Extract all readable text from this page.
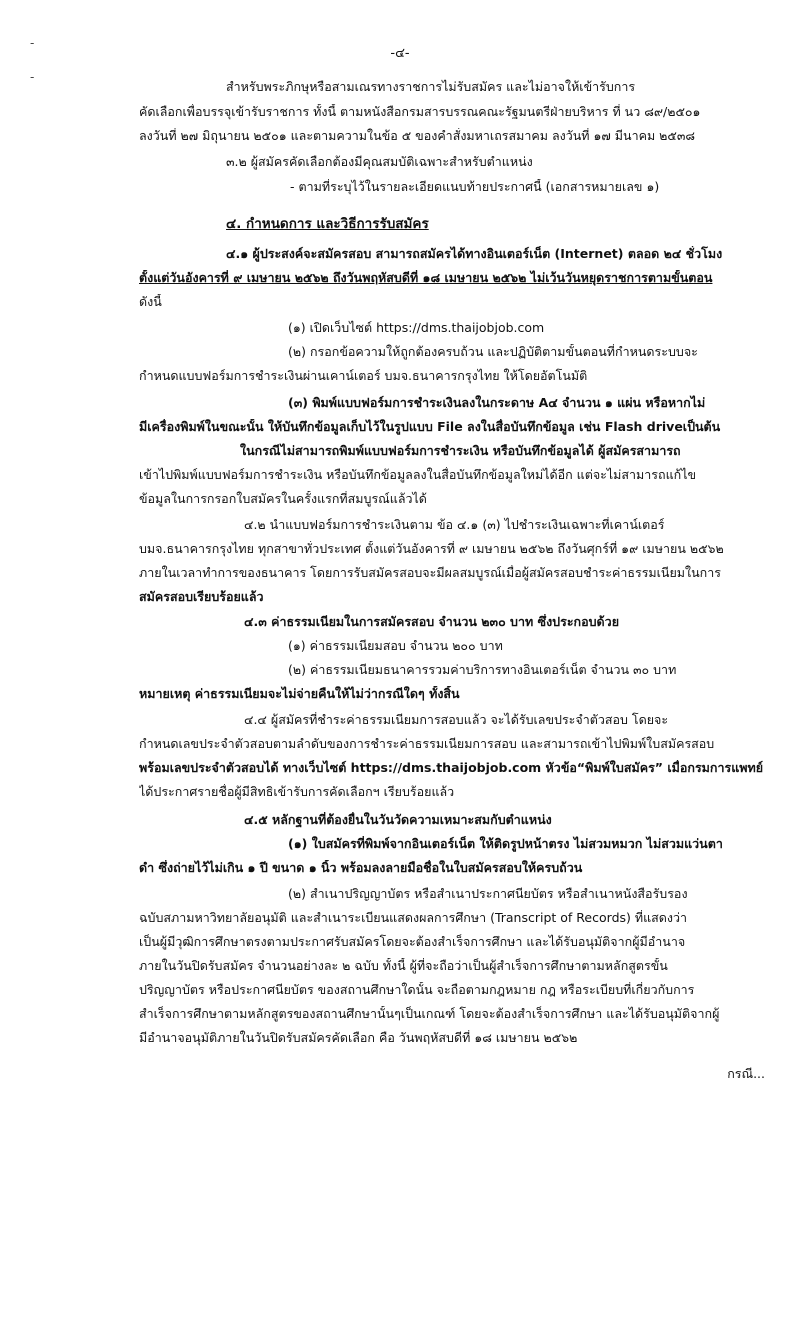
-
-
-๔-
สำหรับพระภิกษุหรือสามเณรทางราชการไม่รับสมัคร และไม่อาจให้เข้ารับการ
คัดเลือกเพื่อบรรจุเข้ารับราชการ ทั้งนี้ ตามหนังสือกรมสารบรรณคณะรัฐมนตรีฝ่ายบริหาร ที่ นว ๘๙/๒๕๐๑
ลงวันที่ ๒๗ มิถุนายน ๒๕๐๑ และตามความในข้อ ๕ ของคำสั่งมหาเถรสมาคม ลงวันที่ ๑๗ มีนาคม ๒๕๓๘
๓.๒ ผู้สมัครคัดเลือกต้องมีคุณสมบัติเฉพาะสำหรับตำแหน่ง
- ตามที่ระบุไว้ในรายละเอียดแนบท้ายประกาศนี้ (เอกสารหมายเลข ๑)
๔. กำหนดการ และวิธีการรับสมัคร
๔.๑ ผู้ประสงค์จะสมัครสอบ สามารถสมัครได้ทางอินเตอร์เน็ต (Internet) ตลอด ๒๔ ชั่วโมง
ตั้งแต่วันอังคารที่ ๙ เมษายน ๒๕๖๒ ถึงวันพฤหัสบดีที่ ๑๘ เมษายน ๒๕๖๒ ไม่เว้นวันหยุดราชการตามขั้นตอน
ดังนี้
(๑) เปิดเว็บไซต์ https://dms.thaijobjob.com
(๒) กรอกข้อความให้ถูกต้องครบถ้วน และปฏิบัติตามขั้นตอนที่กำหนดระบบจะ
กำหนดแบบฟอร์มการชำระเงินผ่านเคาน์เตอร์ บมจ.ธนาคารกรุงไทย ให้โดยอัตโนมัติ
(๓) พิมพ์แบบฟอร์มการชำระเงินลงในกระดาษ A๔ จำนวน ๑ แผ่น หรือหากไม่
มีเครื่องพิมพ์ในขณะนั้น ให้บันทึกข้อมูลเก็บไว้ในรูปแบบ File ลงในสื่อบันทึกข้อมูล เช่น Flash driveเป็นต้น
ในกรณีไม่สามารถพิมพ์แบบฟอร์มการชำระเงิน หรือบันทึกข้อมูลได้ ผู้สมัครสามารถ
เข้าไปพิมพ์แบบฟอร์มการชำระเงิน หรือบันทึกข้อมูลลงในสื่อบันทึกข้อมูลใหม่ได้อีก แต่จะไม่สามารถแก้ไข
ข้อมูลในการกรอกใบสมัครในครั้งแรกที่สมบูรณ์แล้วได้
๔.๒ นำแบบฟอร์มการชำระเงินตาม ข้อ ๔.๑ (๓) ไปชำระเงินเฉพาะที่เคาน์เตอร์
บมจ.ธนาคารกรุงไทย ทุกสาขาทั่วประเทศ ตั้งแต่วันอังคารที่ ๙ เมษายน ๒๕๖๒ ถึงวันศุกร์ที่ ๑๙ เมษายน ๒๕๖๒
ภายในเวลาทำการของธนาคาร โดยการรับสมัครสอบจะมีผลสมบูรณ์เมื่อผู้สมัครสอบชำระค่าธรรมเนียมในการ
สมัครสอบเรียบร้อยแล้ว
๔.๓ ค่าธรรมเนียมในการสมัครสอบ จำนวน ๒๓๐ บาท ซึ่งประกอบด้วย
(๑) ค่าธรรมเนียมสอบ จำนวน ๒๐๐ บาท
(๒) ค่าธรรมเนียมธนาคารรวมค่าบริการทางอินเตอร์เน็ต จำนวน ๓๐ บาท
หมายเหตุ ค่าธรรมเนียมจะไม่จ่ายคืนให้ไม่ว่ากรณีใดๆ ทั้งสิ้น
๔.๔ ผู้สมัครที่ชำระค่าธรรมเนียมการสอบแล้ว จะได้รับเลขประจำตัวสอบ โดยจะ
กำหนดเลขประจำตัวสอบตามลำดับของการชำระค่าธรรมเนียมการสอบ และสามารถเข้าไปพิมพ์ใบสมัครสอบ
พร้อมเลขประจำตัวสอบได้ ทางเว็บไซต์ https://dms.thaijobjob.com หัวข้อ“พิมพ์ใบสมัคร” เมื่อกรมการแพทย์
ได้ประกาศรายชื่อผู้มีสิทธิเข้ารับการคัดเลือกฯ เรียบร้อยแล้ว
๔.๕ หลักฐานที่ต้องยื่นในวันวัดความเหมาะสมกับตำแหน่ง
(๑) ใบสมัครที่พิมพ์จากอินเตอร์เน็ต ให้ติดรูปหน้าตรง ไม่สวมหมวก ไม่สวมแว่นตา
ดำ ซึ่งถ่ายไว้ไม่เกิน ๑ ปี ขนาด ๑ นิ้ว พร้อมลงลายมือชื่อในใบสมัครสอบให้ครบถ้วน
(๒) สำเนาปริญญาบัตร หรือสำเนาประกาศนียบัตร หรือสำเนาหนังสือรับรอง
ฉบับสภามหาวิทยาลัยอนุมัติ และสำเนาระเบียนแสดงผลการศึกษา (Transcript of Records) ที่แสดงว่า
เป็นผู้มีวุฒิการศึกษาตรงตามประกาศรับสมัครโดยจะต้องสำเร็จการศึกษา และได้รับอนุมัติจากผู้มีอำนาจ
ภายในวันปิดรับสมัคร จำนวนอย่างละ ๒ ฉบับ ทั้งนี้ ผู้ที่จะถือว่าเป็นผู้สำเร็จการศึกษาตามหลักสูตรขั้น
ปริญญาบัตร หรือประกาศนียบัตร ของสถานศึกษาใดนั้น จะถือตามกฎหมาย กฎ หรือระเบียบที่เกี่ยวกับการ
สำเร็จการศึกษาตามหลักสูตรของสถานศึกษานั้นๆเป็นเกณฑ์ โดยจะต้องสำเร็จการศึกษา และได้รับอนุมัติจากผู้
มีอำนาจอนุมัติภายในวันปิดรับสมัครคัดเลือก คือ วันพฤหัสบดีที่ ๑๘ เมษายน ๒๕๖๒
กรณี...
